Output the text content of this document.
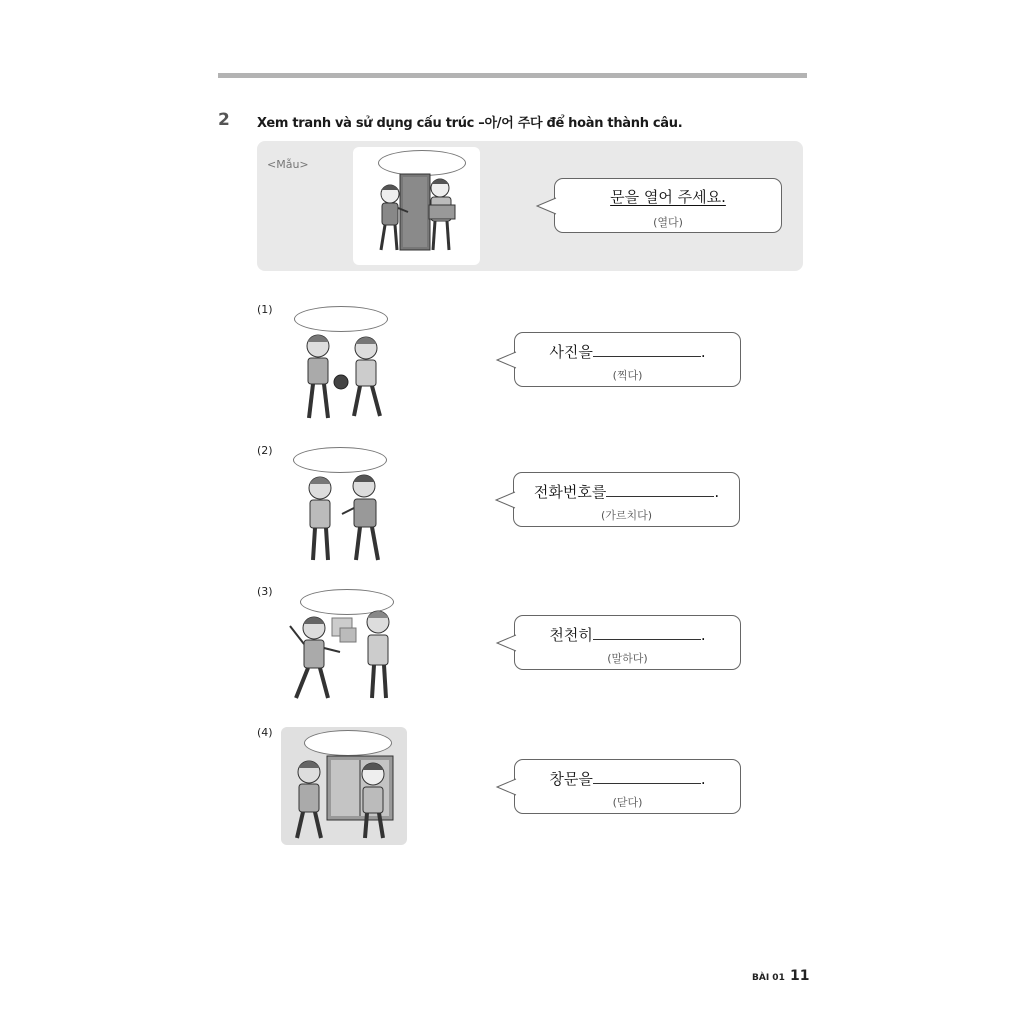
2 Xem tranh và sử dụng cấu trúc –아/어 주다 để hoàn thành câu.
<Mẫu>
문을 열어 주세요.
(열다)
(1)
사진을	.
(찍다)
(2)
전화번호를	.
(가르치다)
(3)
천천히	.
(말하다)
(4)
창문을	.
(닫다)
BÀI 01 11
